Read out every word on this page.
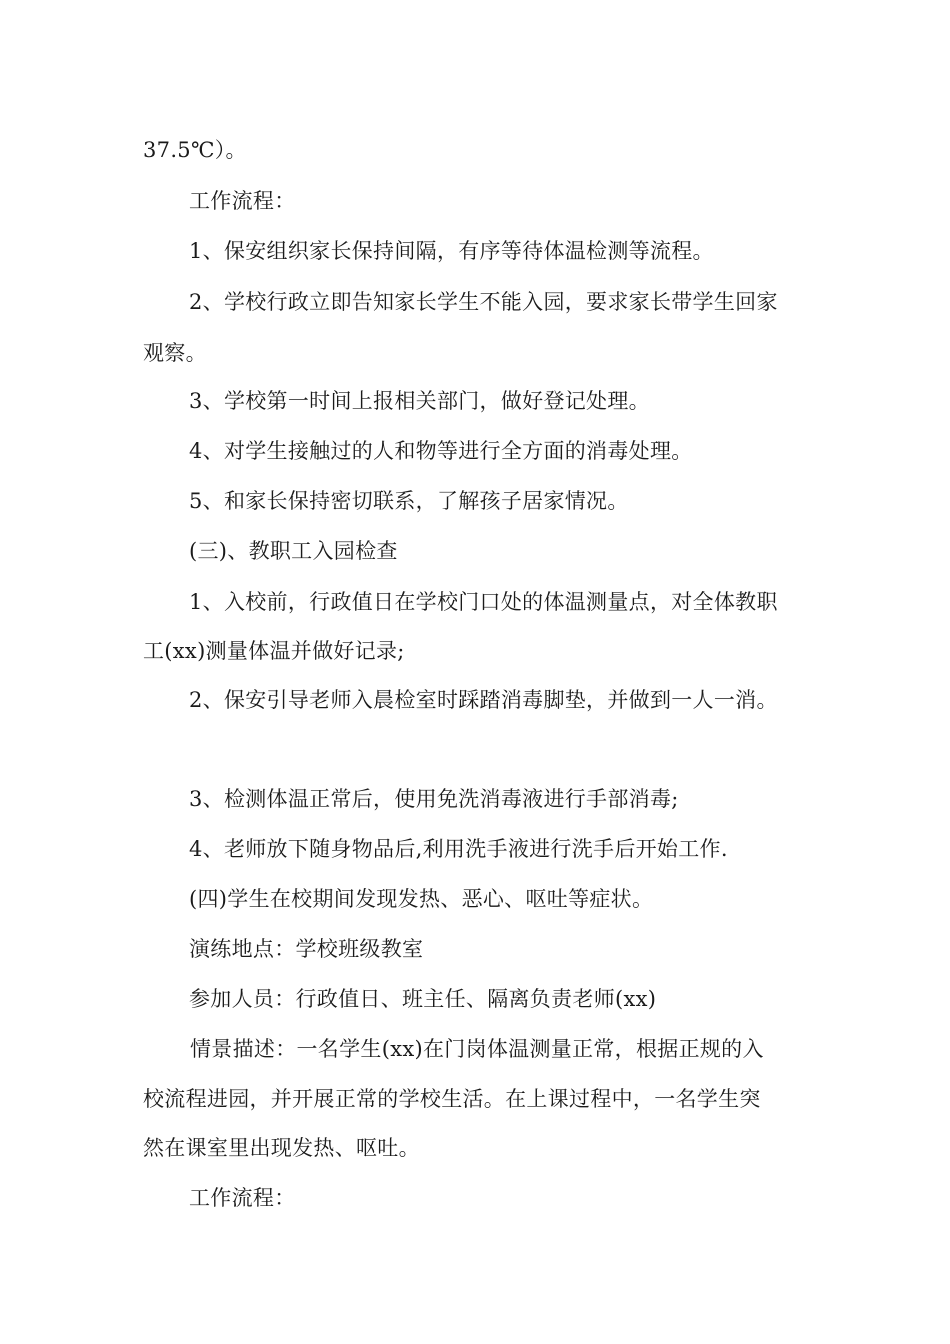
37.5℃）。
工作流程：
1、保安组织家长保持间隔，有序等待体温检测等流程。
2、学校行政立即告知家长学生不能入园，要求家长带学生回家
观察。
3、学校第一时间上报相关部门，做好登记处理。
4、对学生接触过的人和物等进行全方面的消毒处理。
5、和家长保持密切联系，了解孩子居家情况。
(三)、教职工入园检查
1、入校前，行政值日在学校门口处的体温测量点，对全体教职
工(xx)测量体温并做好记录;
2、保安引导老师入晨检室时踩踏消毒脚垫，并做到一人一消。
3、检测体温正常后，使用免洗消毒液进行手部消毒;
4、老师放下随身物品后,利用洗手液进行洗手后开始工作.
(四)学生在校期间发现发热、恶心、呕吐等症状。
演练地点：学校班级教室
参加人员：行政值日、班主任、隔离负责老师(xx)
情景描述：一名学生(xx)在门岗体温测量正常，根据正规的入
校流程进园，并开展正常的学校生活。在上课过程中，一名学生突
然在课室里出现发热、呕吐。
工作流程：
